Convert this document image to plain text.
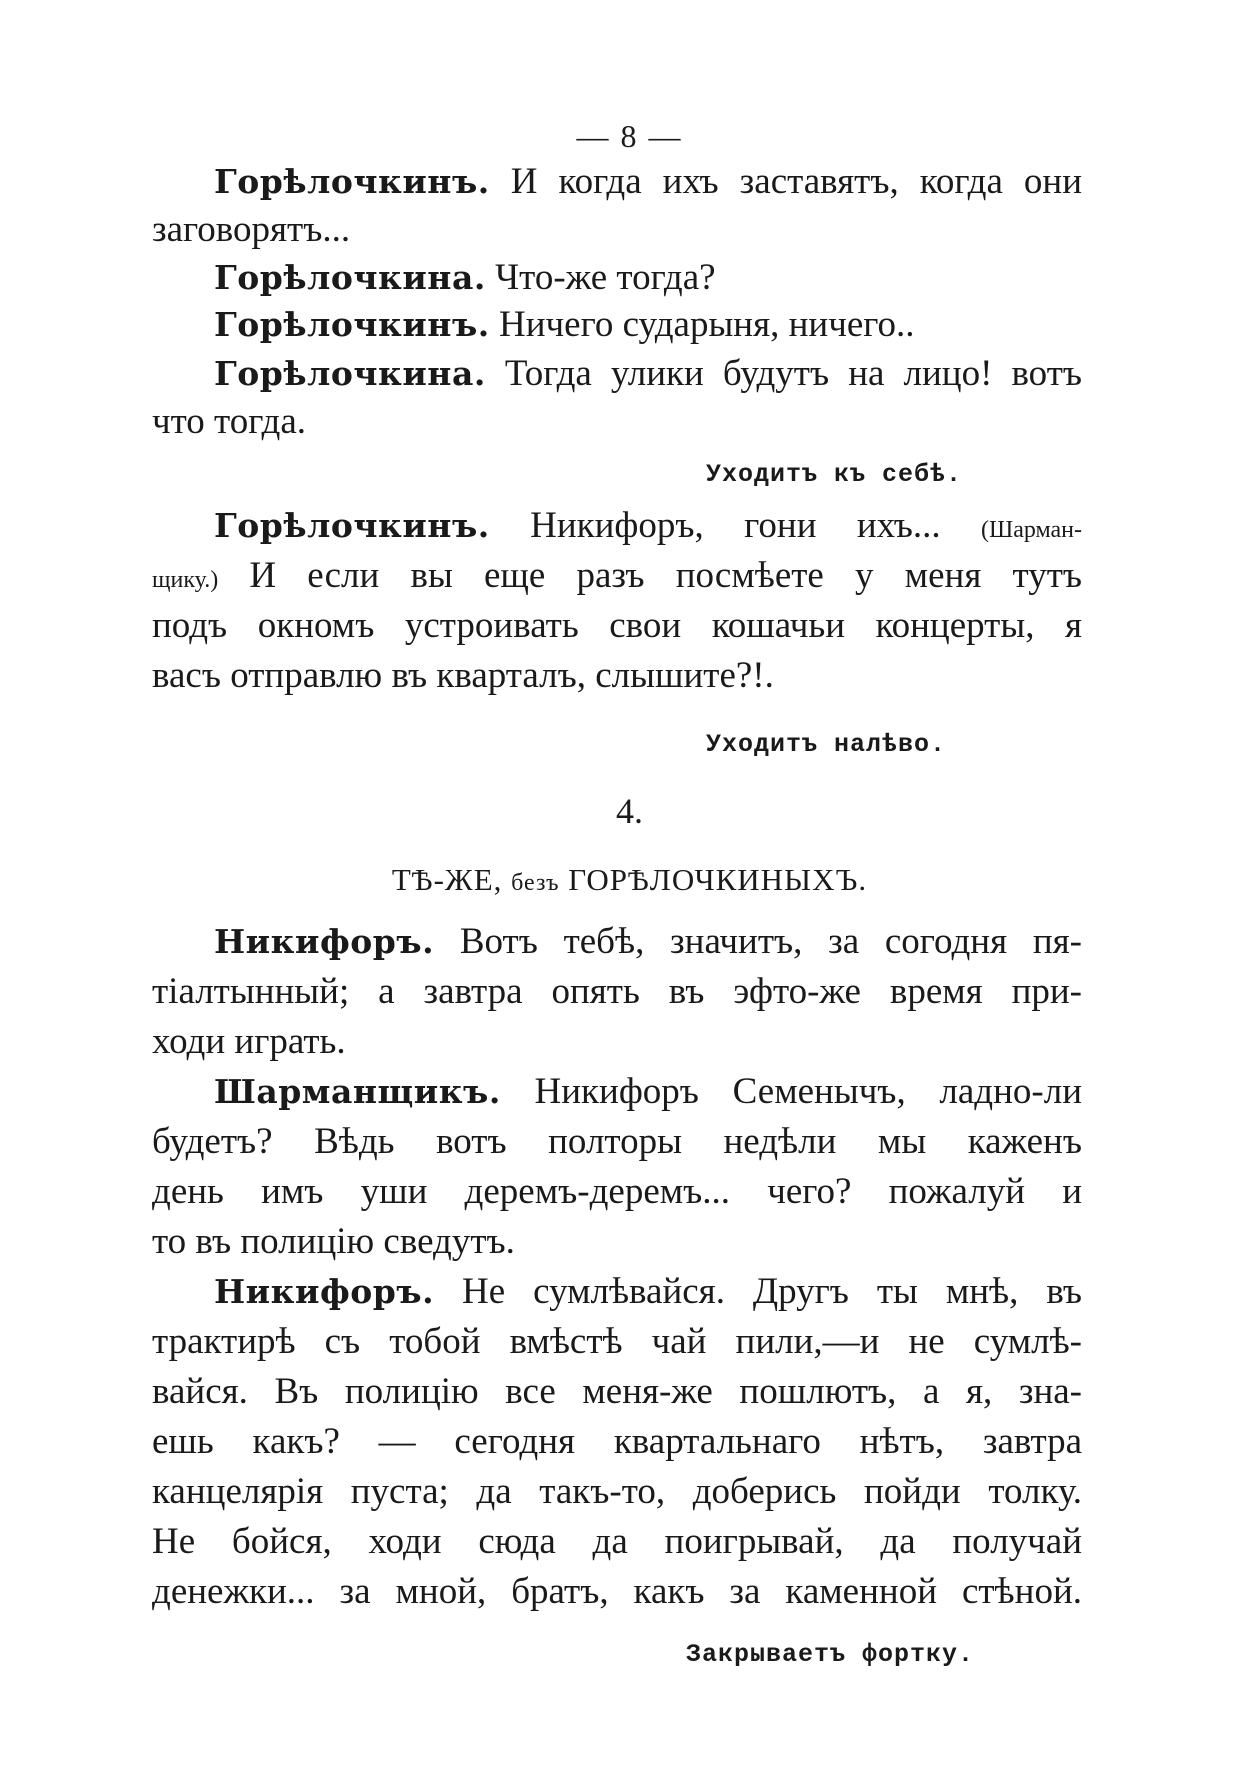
— 8 —
Горѣлочкинъ. И когда ихъ заставятъ, когда они
заговорятъ...
Горѣлочкина. Что-же тогда?
Горѣлочкинъ. Ничего сударыня, ничего..
Горѣлочкина. Тогда улики будутъ на лицо! вотъ
что тогда.
Уходитъ къ себѣ.
Горѣлочкинъ. Никифоръ, гони ихъ... (Шарман-
щику.) И если вы еще разъ посмѣете у меня тутъ
подъ окномъ устроивать свои кошачьи концерты, я
васъ отправлю въ кварталъ, слышите?!.
Уходитъ налѣво.
4.
ТѢ-ЖЕ, безъ ГОРѢЛОЧКИНЫХЪ.
Никифоръ. Вотъ тебѣ, значитъ, за согодня пя-
тіалтынный; а завтра опять въ эфто-же время при-
ходи играть.
Шарманщикъ. Никифоръ Семенычъ, ладно-ли
будетъ? Вѣдь вотъ полторы недѣли мы каженъ
день имъ уши деремъ-деремъ... чего? пожалуй и
то въ полицію сведутъ.
Никифоръ. Не сумлѣвайся. Другъ ты мнѣ, въ
трактирѣ съ тобой вмѣстѣ чай пили,—и не сумлѣ-
вайся. Въ полицію все меня-же пошлютъ, а я, зна-
ешь какъ? — сегодня квартальнаго нѣтъ, завтра
канцелярія пуста; да такъ-то, доберись пойди толку.
Не бойся, ходи сюда да поигрывай, да получай
денежки... за мной, братъ, какъ за каменной стѣной.
Закрываетъ фортку.
